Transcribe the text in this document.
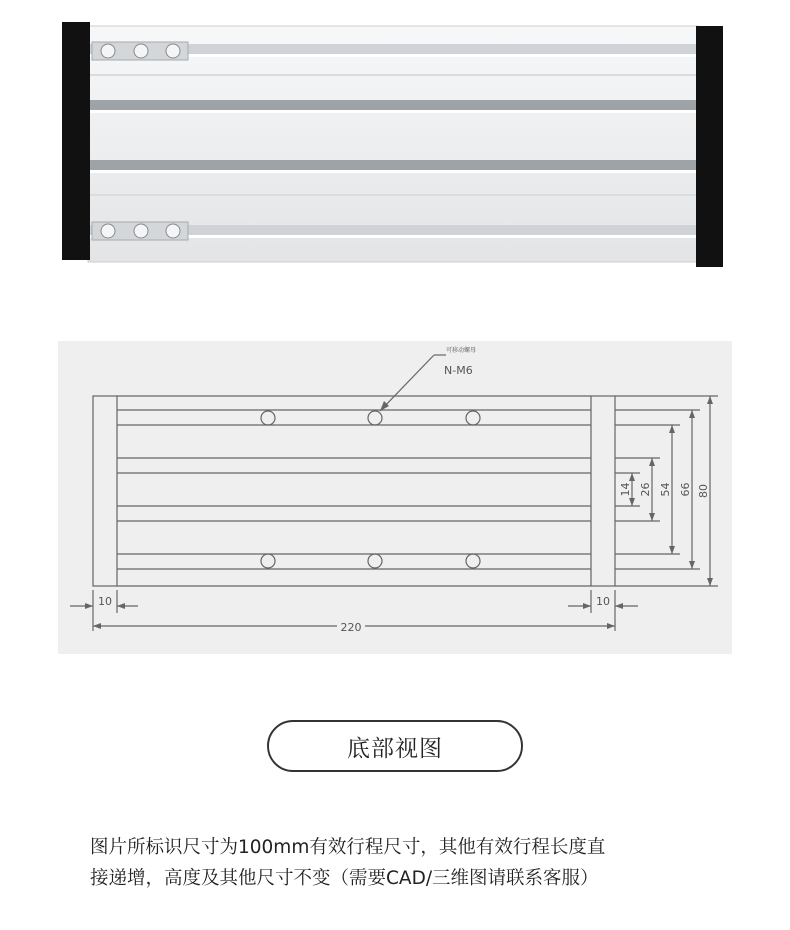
可移动螺母
N-M6
10	10
220
14 26 54 66 80
底部视图
图片所标识尺寸为100mm有效行程尺寸，其他有效行程长度直
接递增，高度及其他尺寸不变（需要CAD/三维图请联系客服）
